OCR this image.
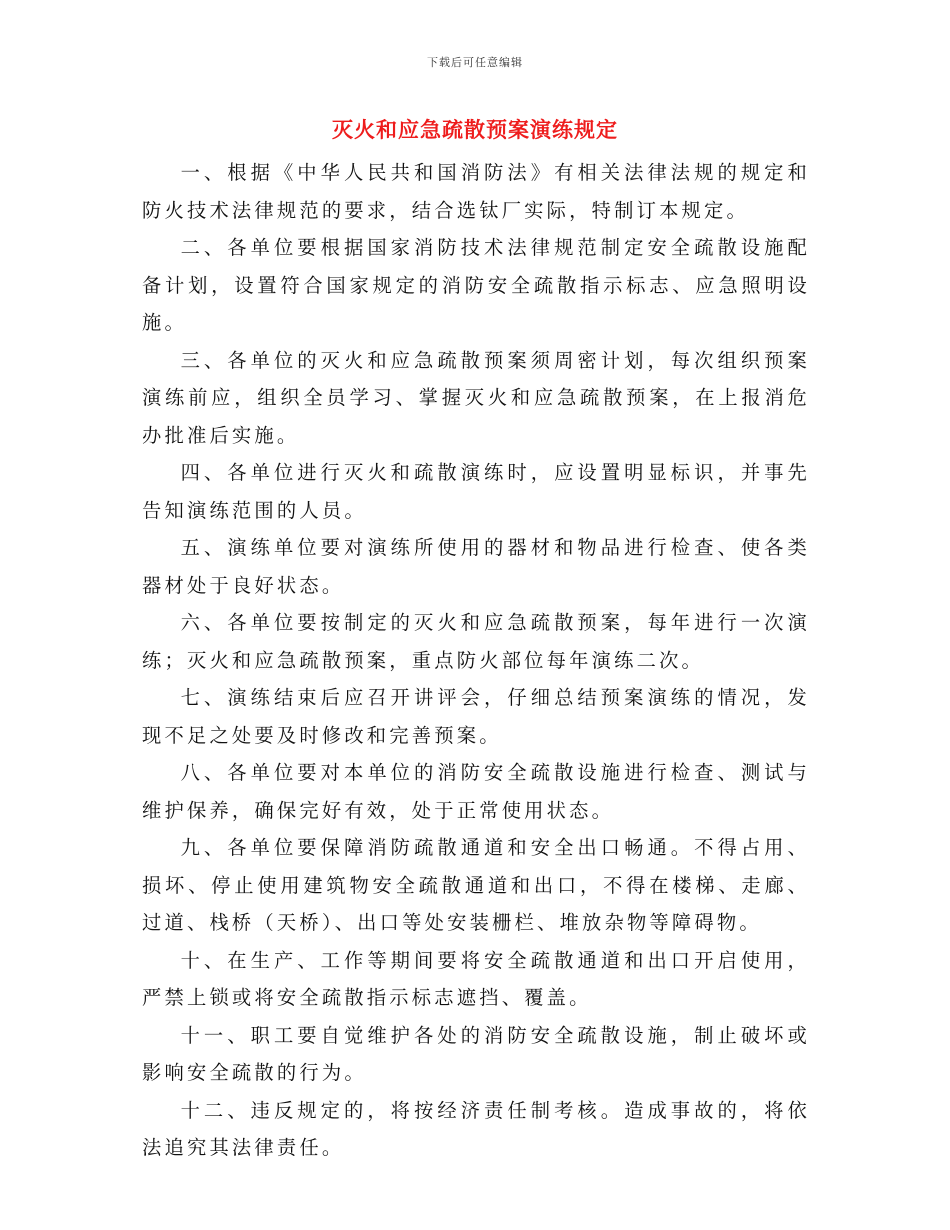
下载后可任意编辑
灭火和应急疏散预案演练规定

一、根据《中华人民共和国消防法》有相关法律法规的规定和防火技术法律规范的要求，结合选钛厂实际，特制订本规定。

二、各单位要根据国家消防技术法律规范制定安全疏散设施配备计划，设置符合国家规定的消防安全疏散指示标志、应急照明设施。

三、各单位的灭火和应急疏散预案须周密计划，每次组织预案演练前应，组织全员学习、掌握灭火和应急疏散预案，在上报消危办批准后实施。

四、各单位进行灭火和疏散演练时，应设置明显标识，并事先告知演练范围的人员。

五、演练单位要对演练所使用的器材和物品进行检查、使各类器材处于良好状态。

六、各单位要按制定的灭火和应急疏散预案，每年进行一次演练；灭火和应急疏散预案，重点防火部位每年演练二次。

七、演练结束后应召开讲评会，仔细总结预案演练的情况，发现不足之处要及时修改和完善预案。

八、各单位要对本单位的消防安全疏散设施进行检查、测试与维护保养，确保完好有效，处于正常使用状态。

九、各单位要保障消防疏散通道和安全出口畅通。不得占用、损坏、停止使用建筑物安全疏散通道和出口，不得在楼梯、走廊、过道、栈桥（天桥）、出口等处安装栅栏、堆放杂物等障碍物。

十、在生产、工作等期间要将安全疏散通道和出口开启使用，严禁上锁或将安全疏散指示标志遮挡、覆盖。

十一、职工要自觉维护各处的消防安全疏散设施，制止破坏或影响安全疏散的行为。

十二、违反规定的，将按经济责任制考核。造成事故的，将依法追究其法律责任。
